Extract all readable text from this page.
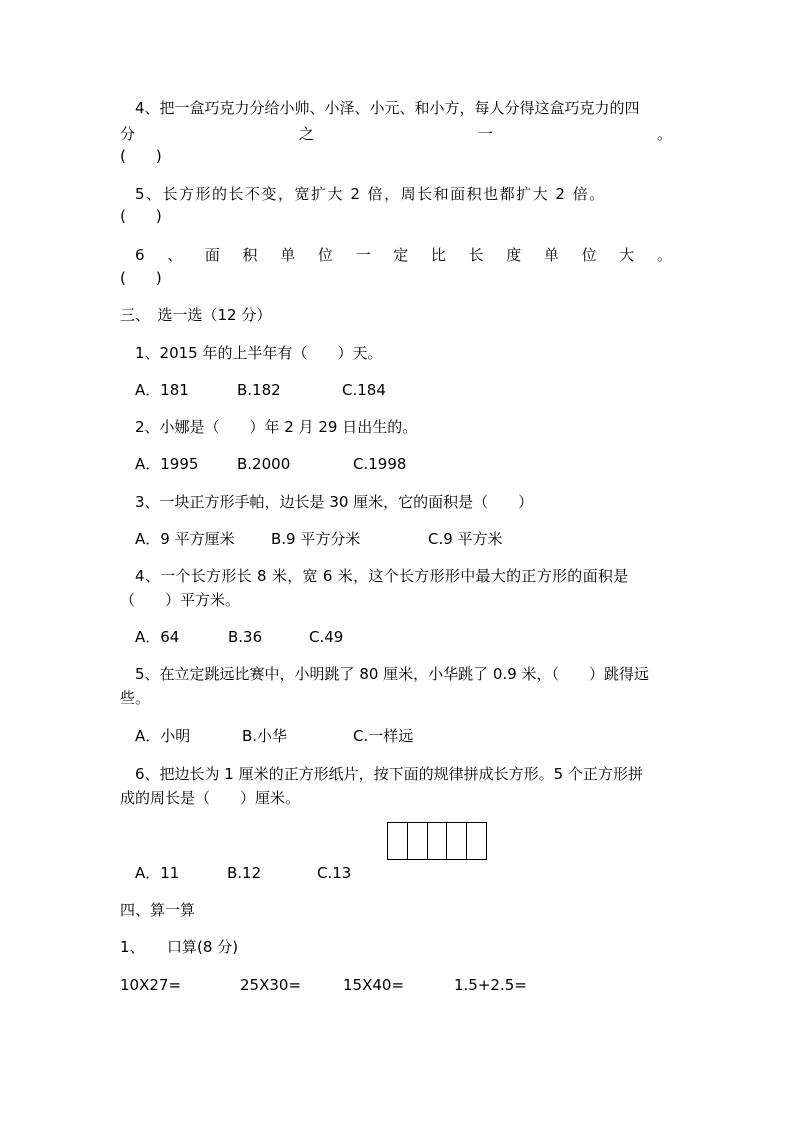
4、把一盒巧克力分给小帅、小泽、小元、和小方，每人分得这盒巧克力的四
分	之	一	。
(　　)
5、长方形的长不变，宽扩大 2 倍，周长和面积也都扩大 2 倍。
(　　)
6 、 面 积 单 位 一 定 比 长 度 单 位 大 。
(　　)
三、　选一选（12 分）
1、2015 年的上半年有（　　）天。
A．181	B.182	C.184
2、小娜是（　　）年 2 月 29 日出生的。
A．1995	B.2000	C.1998
3、一块正方形手帕，边长是 30 厘米，它的面积是（　　）
A．9 平方厘米	B.9 平方分米	C.9 平方米
4、一个长方形长 8 米，宽 6 米，这个长方形形中最大的正方形的面积是
（　　）平方米。
A．64	B.36	C.49
5、在立定跳远比赛中，小明跳了 80 厘米，小华跳了 0.9 米，（　　）跳得远
些。
A．小明	B.小华	C.一样远
6、把边长为 1 厘米的正方形纸片，按下面的规律拼成长方形。5 个正方形拼
成的周长是（　　）厘米。
A．11	B.12	C.13
四、算一算
1、　　口算(8 分)
10X27=	25X30=	15X40=	1.5+2.5=
